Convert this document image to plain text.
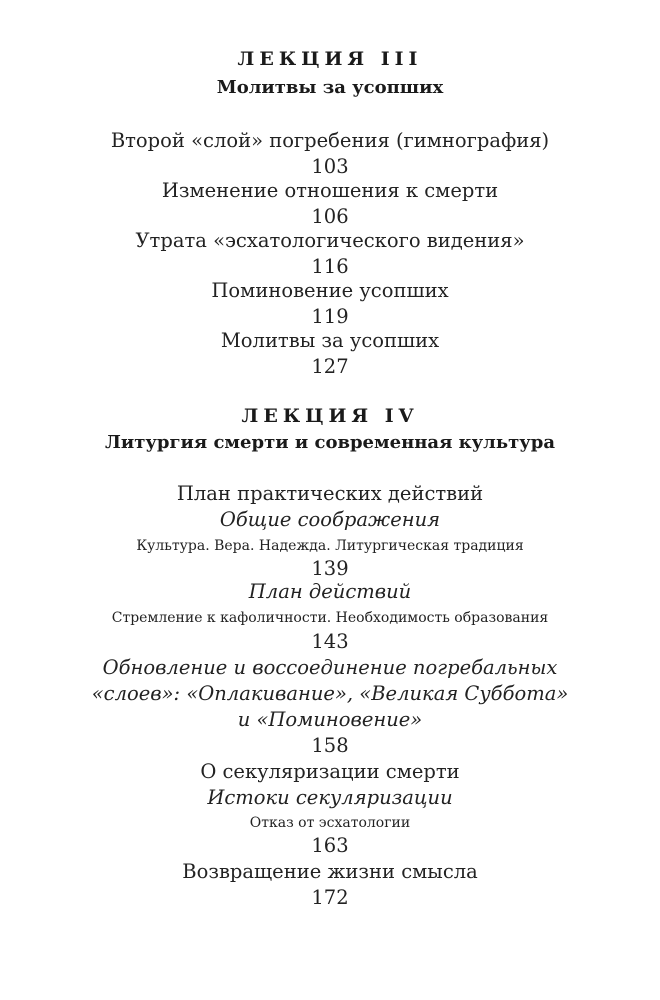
ЛЕКЦИЯ III
Молитвы за усопших
Второй «слой» погребения (гимнография)
103
Изменение отношения к смерти
106
Утрата «эсхатологического видения»
116
Поминовение усопших
119
Молитвы за усопших
127
ЛЕКЦИЯ IV
Литургия смерти и современная культура
План практических действий
Общие соображения
Культура. Вера. Надежда. Литургическая традиция
139
План действий
Стремление к кафоличности. Необходимость образования
143
Обновление и воссоединение погребальных
«слоев»: «Оплакивание», «Великая Суббота»
и «Поминовение»
158
О секуляризации смерти
Истоки секуляризации
Отказ от эсхатологии
163
Возвращение жизни смысла
172
